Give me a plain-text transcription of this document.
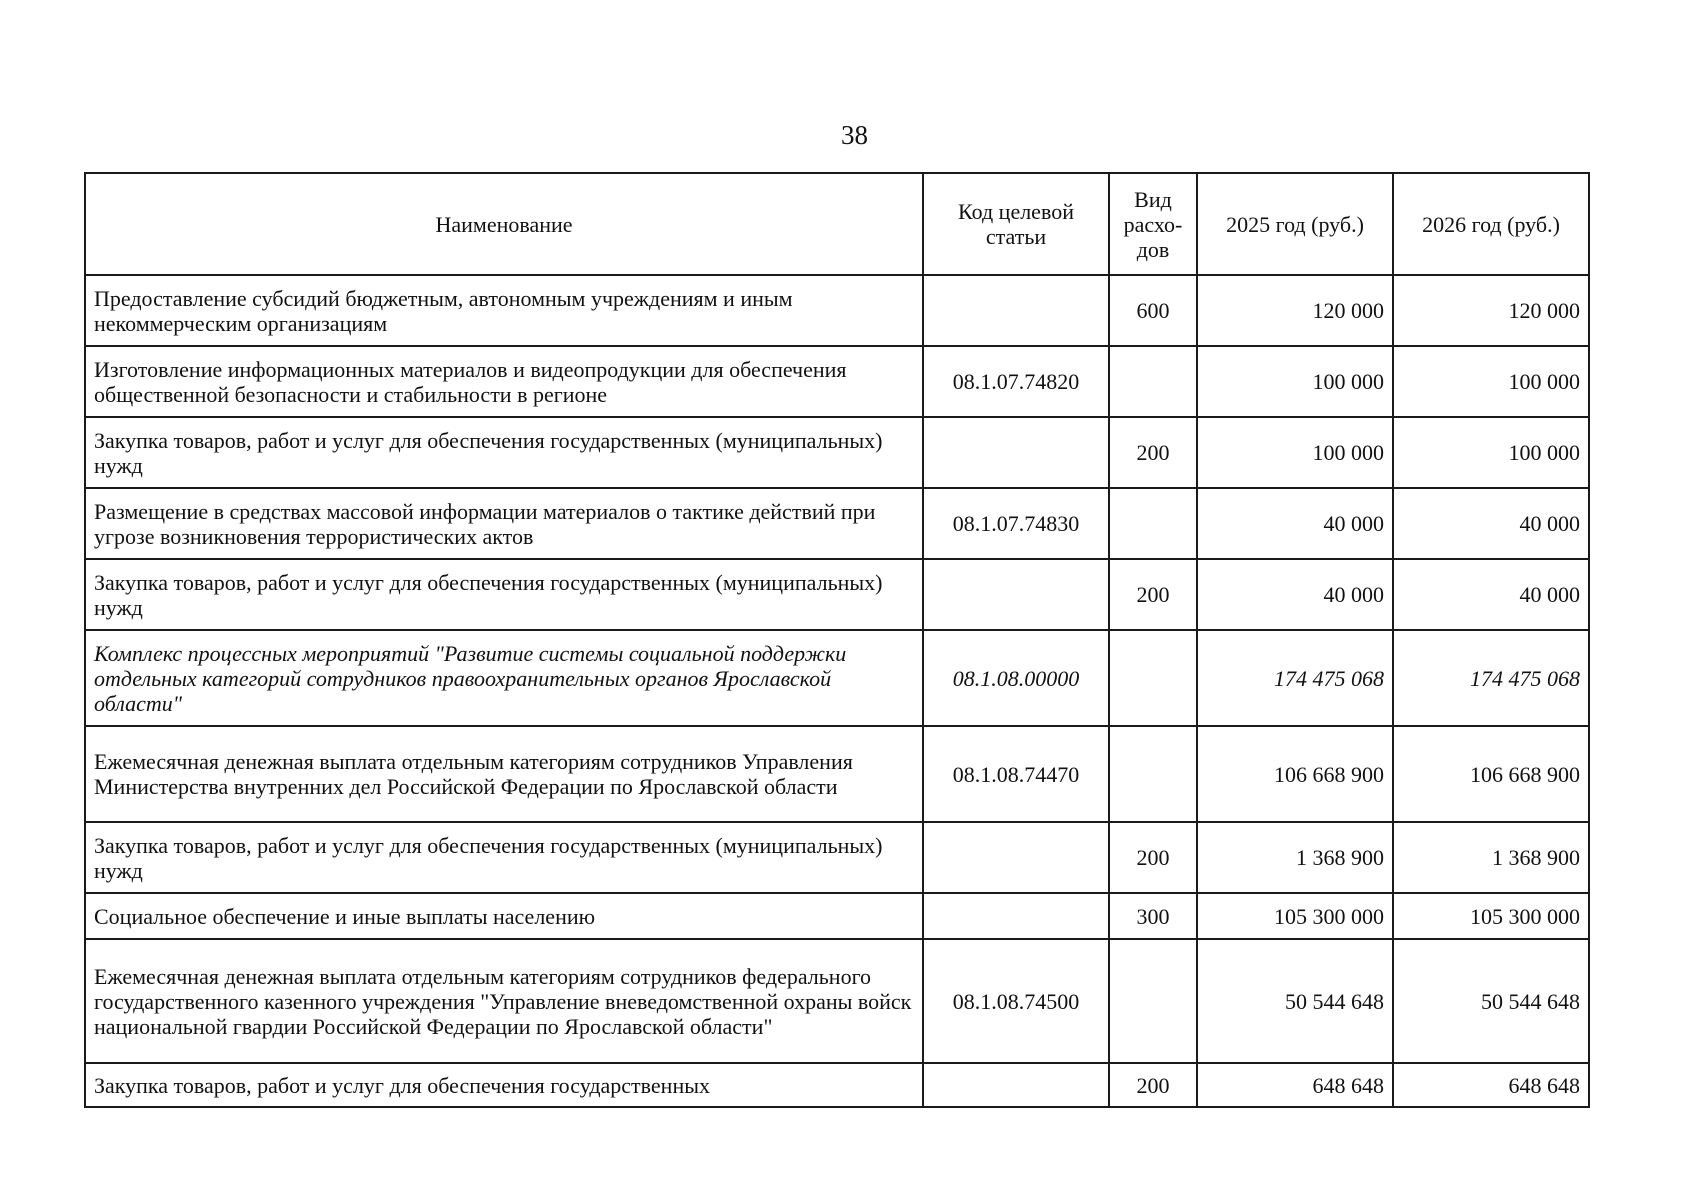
38
Наименование	Код целевой статьи	Вид расхо-дов	2025 год (руб.)	2026 год (руб.)
Предоставление субсидий бюджетным, автономным учреждениям и иным некоммерческим организациям		600	120 000	120 000
Изготовление информационных материалов и видеопродукции для обеспечения общественной безопасности и стабильности в регионе	08.1.07.74820		100 000	100 000
Закупка товаров, работ и услуг для обеспечения государственных (муниципальных) нужд		200	100 000	100 000
Размещение в средствах массовой информации материалов о тактике действий при угрозе возникновения террористических актов	08.1.07.74830		40 000	40 000
Закупка товаров, работ и услуг для обеспечения государственных (муниципальных) нужд		200	40 000	40 000
Комплекс процессных мероприятий "Развитие системы социальной поддержки отдельных категорий сотрудников правоохранительных органов Ярославской области"	08.1.08.00000		174 475 068	174 475 068
Ежемесячная денежная выплата отдельным категориям сотрудников Управления Министерства внутренних дел Российской Федерации по Ярославской области	08.1.08.74470		106 668 900	106 668 900
Закупка товаров, работ и услуг для обеспечения государственных (муниципальных) нужд		200	1 368 900	1 368 900
Социальное обеспечение и иные выплаты населению		300	105 300 000	105 300 000
Ежемесячная денежная выплата отдельным категориям сотрудников федерального государственного казенного учреждения "Управление вневедомственной охраны войск национальной гвардии Российской Федерации по Ярославской области"	08.1.08.74500		50 544 648	50 544 648
Закупка товаров, работ и услуг для обеспечения государственных		200	648 648	648 648
